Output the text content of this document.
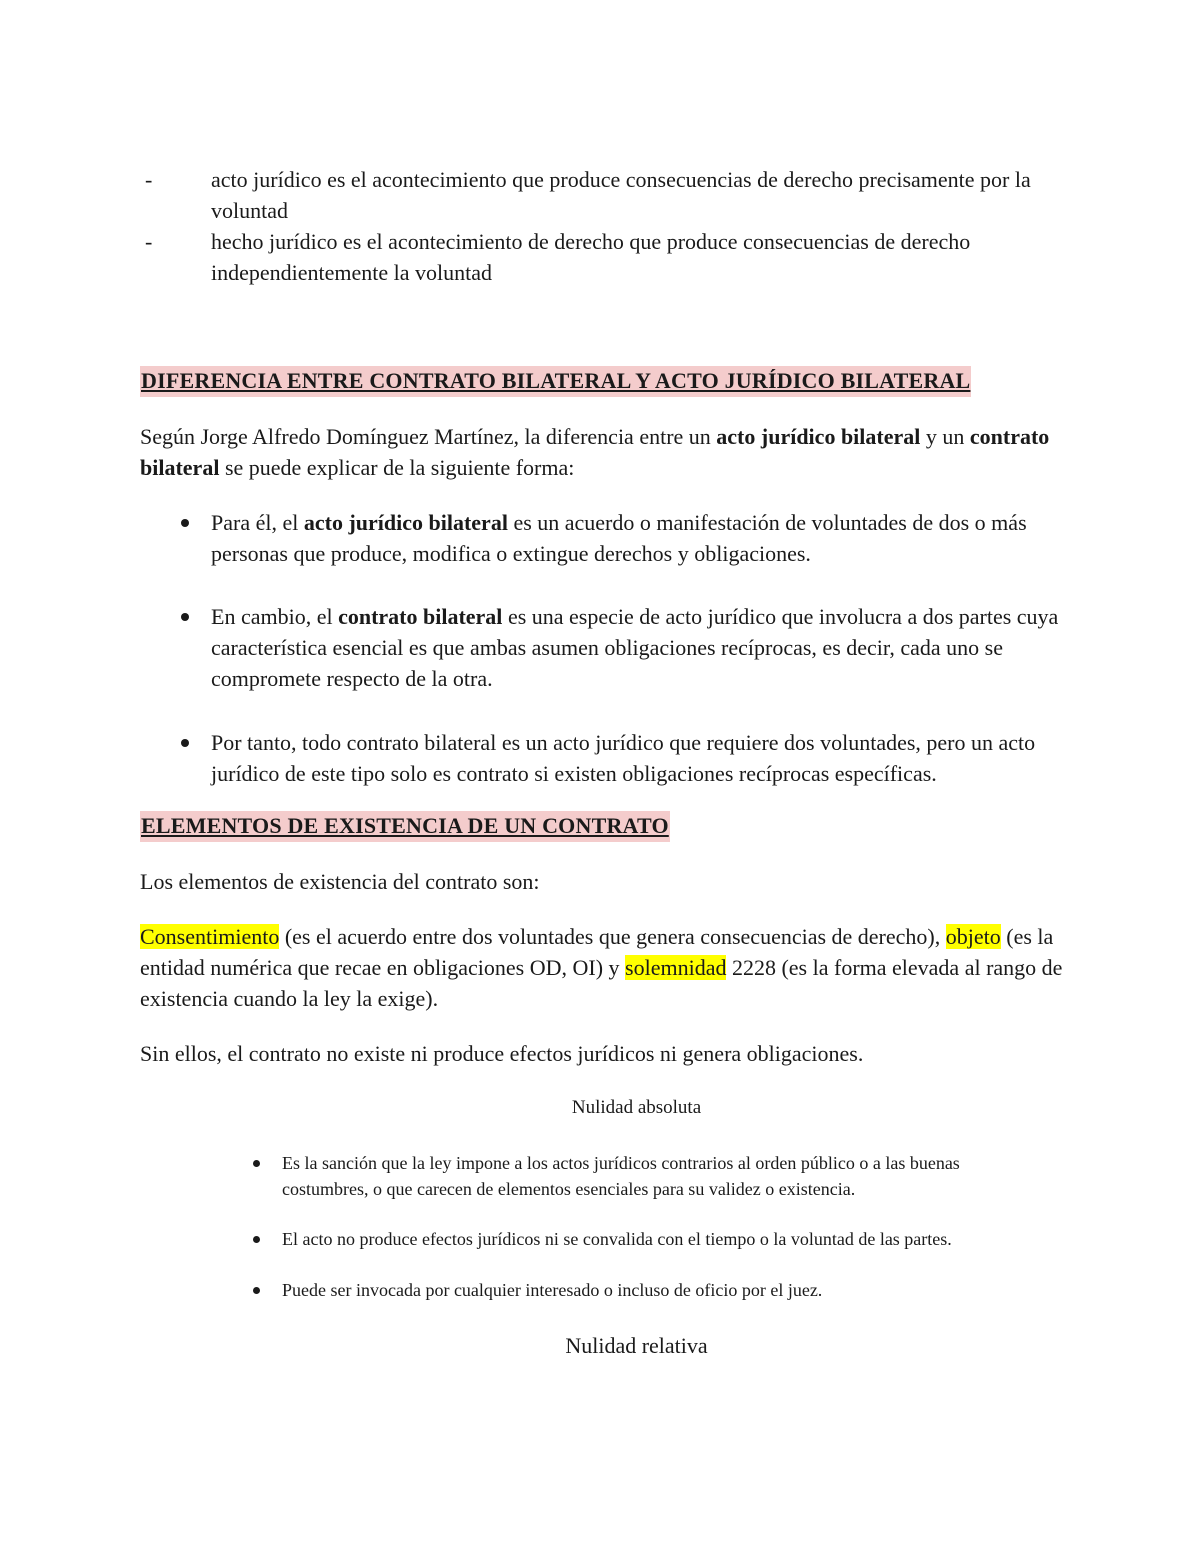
-	acto jurídico es el acontecimiento que produce consecuencias de derecho precisamente por la voluntad
-	hecho jurídico es el acontecimiento de derecho que produce consecuencias de derecho independientemente la voluntad
DIFERENCIA ENTRE CONTRATO BILATERAL Y ACTO JURÍDICO BILATERAL
Según Jorge Alfredo Domínguez Martínez, la diferencia entre un acto jurídico bilateral y un contrato bilateral se puede explicar de la siguiente forma:
Para él, el acto jurídico bilateral es un acuerdo o manifestación de voluntades de dos o más personas que produce, modifica o extingue derechos y obligaciones.
En cambio, el contrato bilateral es una especie de acto jurídico que involucra a dos partes cuya característica esencial es que ambas asumen obligaciones recíprocas, es decir, cada uno se compromete respecto de la otra.
Por tanto, todo contrato bilateral es un acto jurídico que requiere dos voluntades, pero un acto jurídico de este tipo solo es contrato si existen obligaciones recíprocas específicas.
ELEMENTOS DE EXISTENCIA DE UN CONTRATO
Los elementos de existencia del contrato son:
Consentimiento (es el acuerdo entre dos voluntades que genera consecuencias de derecho), objeto (es la entidad numérica que recae en obligaciones OD, OI) y solemnidad 2228 (es la forma elevada al rango de existencia cuando la ley la exige).
Sin ellos, el contrato no existe ni produce efectos jurídicos ni genera obligaciones.
Nulidad absoluta
Es la sanción que la ley impone a los actos jurídicos contrarios al orden público o a las buenas costumbres, o que carecen de elementos esenciales para su validez o existencia.
El acto no produce efectos jurídicos ni se convalida con el tiempo o la voluntad de las partes.
Puede ser invocada por cualquier interesado o incluso de oficio por el juez.
Nulidad relativa
